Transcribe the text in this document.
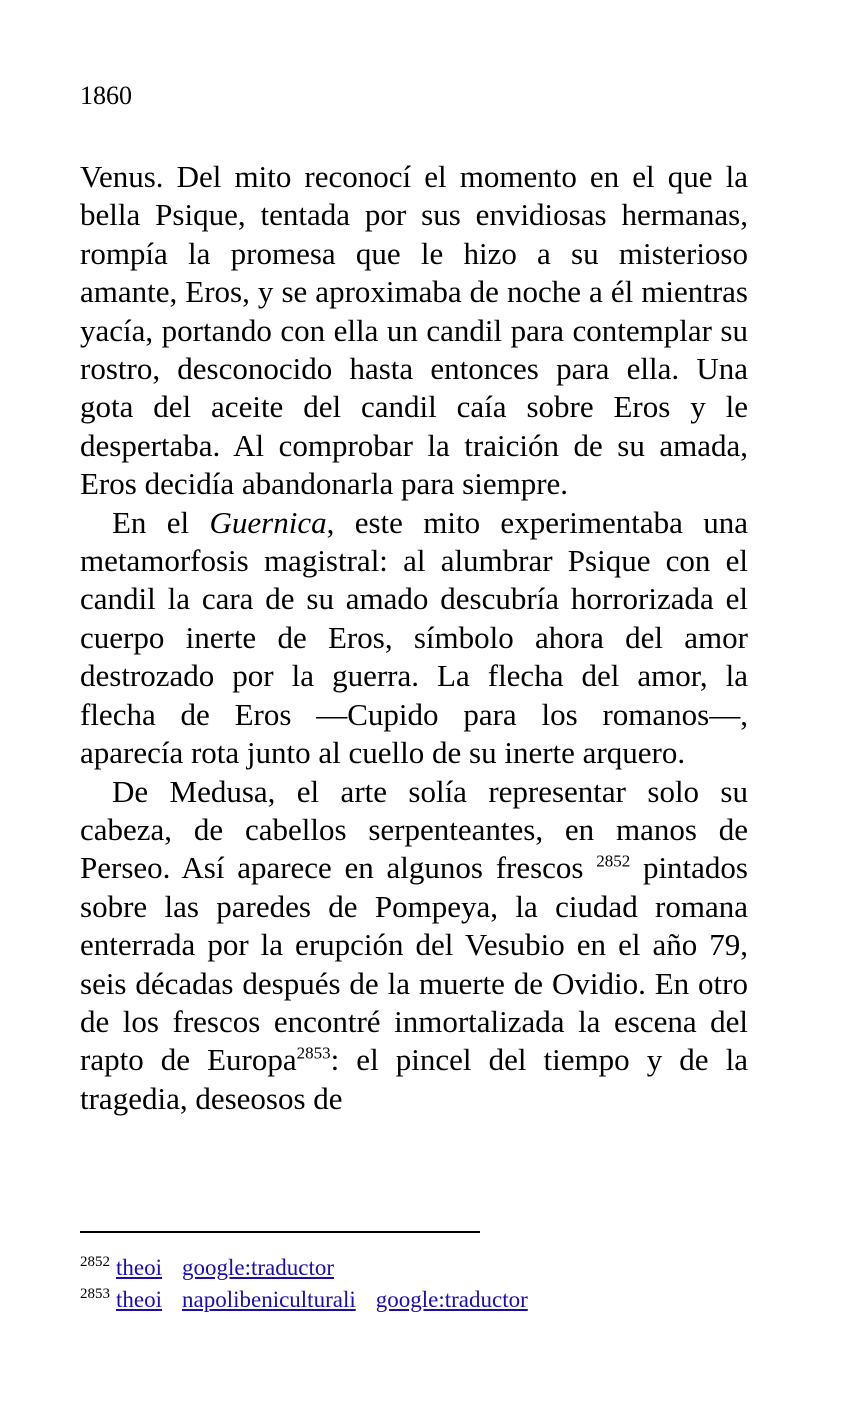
1860

Venus. Del mito reconocí el momento en el que la bella Psique, tentada por sus envidiosas hermanas, rompía la promesa que le hizo a su misterioso amante, Eros, y se aproximaba de noche a él mientras yacía, portando con ella un candil para contemplar su rostro, desconocido hasta entonces para ella. Una gota del aceite del candil caía sobre Eros y le despertaba. Al comprobar la traición de su amada, Eros decidía abandonarla para siempre.

En el Guernica, este mito experimentaba una metamorfosis magistral: al alumbrar Psique con el candil la cara de su amado descubría horrorizada el cuerpo inerte de Eros, símbolo ahora del amor destrozado por la guerra. La flecha del amor, la flecha de Eros —Cupido para los romanos—, aparecía rota junto al cuello de su inerte arquero.

De Medusa, el arte solía representar solo su cabeza, de cabellos serpenteantes, en manos de Perseo. Así aparece en algunos frescos $^{2852}$ pintados sobre las paredes de Pompeya, la ciudad romana enterrada por la erupción del Vesubio en el año 79, seis décadas después de la muerte de Ovidio. En otro de los frescos encontré inmortalizada la escena del rapto de Europa$^{2853}$: el pincel del tiempo y de la tragedia, deseosos de

$^{2852}$ theoi google:traductor
$^{2853}$ theoi napolibeniculturali google:traductor
